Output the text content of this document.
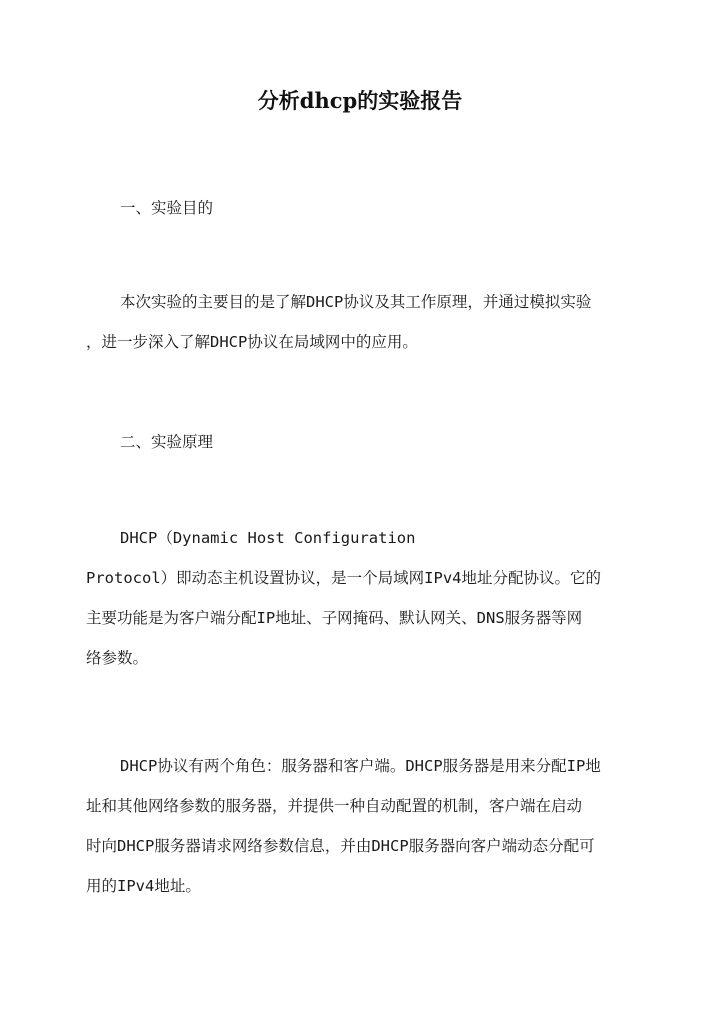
分析dhcp的实验报告
一、实验目的
本次实验的主要目的是了解DHCP协议及其工作原理，并通过模拟实验
，进一步深入了解DHCP协议在局域网中的应用。
二、实验原理
DHCP（Dynamic Host Configuration
Protocol）即动态主机设置协议，是一个局域网IPv4地址分配协议。它的
主要功能是为客户端分配IP地址、子网掩码、默认网关、DNS服务器等网
络参数。
DHCP协议有两个角色：服务器和客户端。DHCP服务器是用来分配IP地
址和其他网络参数的服务器，并提供一种自动配置的机制，客户端在启动
时向DHCP服务器请求网络参数信息，并由DHCP服务器向客户端动态分配可
用的IPv4地址。
